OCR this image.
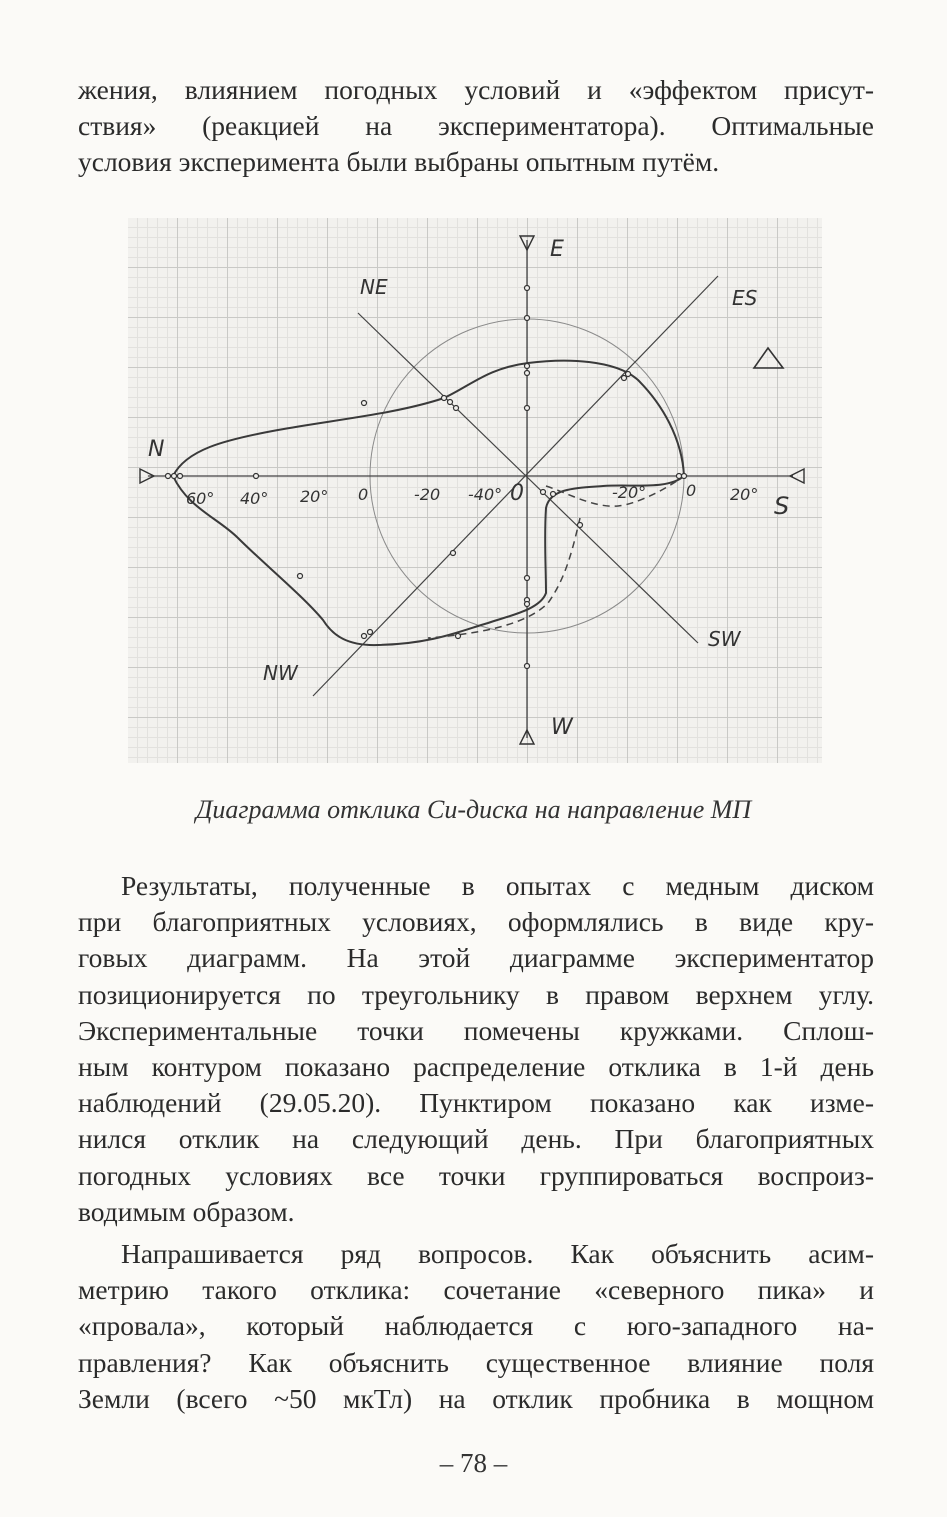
жения, влиянием погодных условий и «эффектом присут-
ствия» (реакцией на экспериментатора). Оптимальные
условия эксперимента были выбраны опытным путём.
E
NE	ES
N
S
SW
NW
W
0
60° 40° 20° 0	-20 -40°	-20° 0 20°
Диаграмма отклика Си-диска на направление МП
Результаты, полученные в опытах с медным диском
при благоприятных условиях, оформлялись в виде кру-
говых диаграмм. На этой диаграмме экспериментатор
позиционируется по треугольнику в правом верхнем углу.
Экспериментальные точки помечены кружками. Сплош-
ным контуром показано распределение отклика в 1-й день
наблюдений (29.05.20). Пунктиром показано как изме-
нился отклик на следующий день. При благоприятных
погодных условиях все точки группироваться воспроиз-
водимым образом.
Напрашивается ряд вопросов. Как объяснить асим-
метрию такого отклика: сочетание «северного пика» и
«провала», который наблюдается с юго-западного на-
правления? Как объяснить существенное влияние поля
Земли (всего ~50 мкТл) на отклик пробника в мощном
– 78 –
